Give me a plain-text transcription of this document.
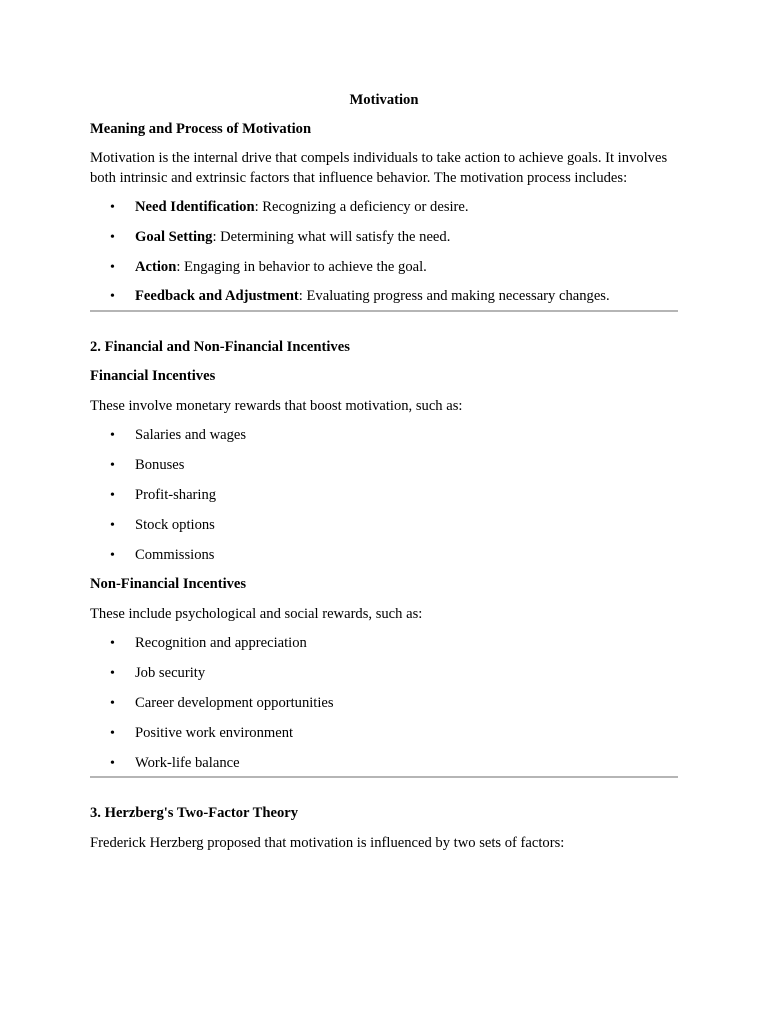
Motivation
Meaning and Process of Motivation
Motivation is the internal drive that compels individuals to take action to achieve goals. It involves both intrinsic and extrinsic factors that influence behavior. The motivation process includes:
• Need Identification: Recognizing a deficiency or desire.
• Goal Setting: Determining what will satisfy the need.
• Action: Engaging in behavior to achieve the goal.
• Feedback and Adjustment: Evaluating progress and making necessary changes.
2. Financial and Non-Financial Incentives
Financial Incentives
These involve monetary rewards that boost motivation, such as:
• Salaries and wages
• Bonuses
• Profit-sharing
• Stock options
• Commissions
Non-Financial Incentives
These include psychological and social rewards, such as:
• Recognition and appreciation
• Job security
• Career development opportunities
• Positive work environment
• Work-life balance
3. Herzberg's Two-Factor Theory
Frederick Herzberg proposed that motivation is influenced by two sets of factors:
